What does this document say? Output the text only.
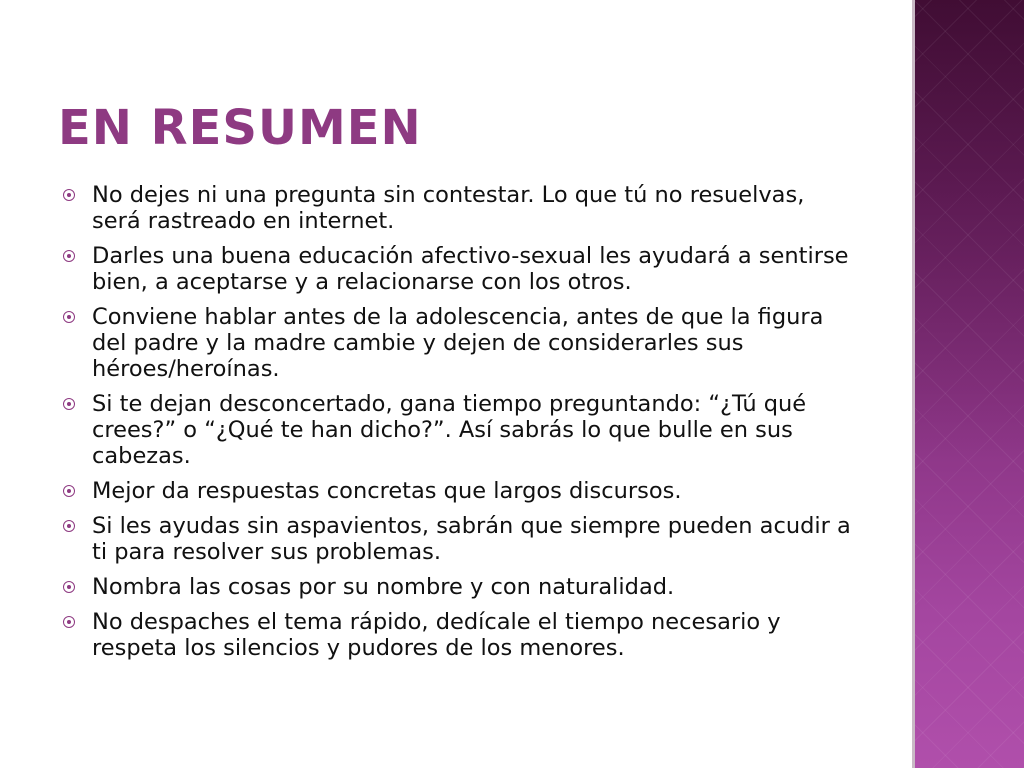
EN RESUMEN
No dejes ni una pregunta sin contestar. Lo que tú no resuelvas, será rastreado en internet.
Darles una buena educación afectivo-sexual les ayudará a sentirse bien, a aceptarse y a relacionarse con los otros.
Conviene hablar antes de la adolescencia, antes de que la figura del padre y la madre cambie y dejen de considerarles sus héroes/heroínas.
Si te dejan desconcertado, gana tiempo preguntando: “¿Tú qué crees?” o “¿Qué te han dicho?”. Así sabrás lo que bulle en sus cabezas.
Mejor da respuestas concretas que largos discursos.
Si les ayudas sin aspavientos, sabrán que siempre pueden acudir a ti para resolver sus problemas.
Nombra las cosas por su nombre y con naturalidad.
No despaches el tema rápido, dedícale el tiempo necesario y respeta los silencios y pudores de los menores.
